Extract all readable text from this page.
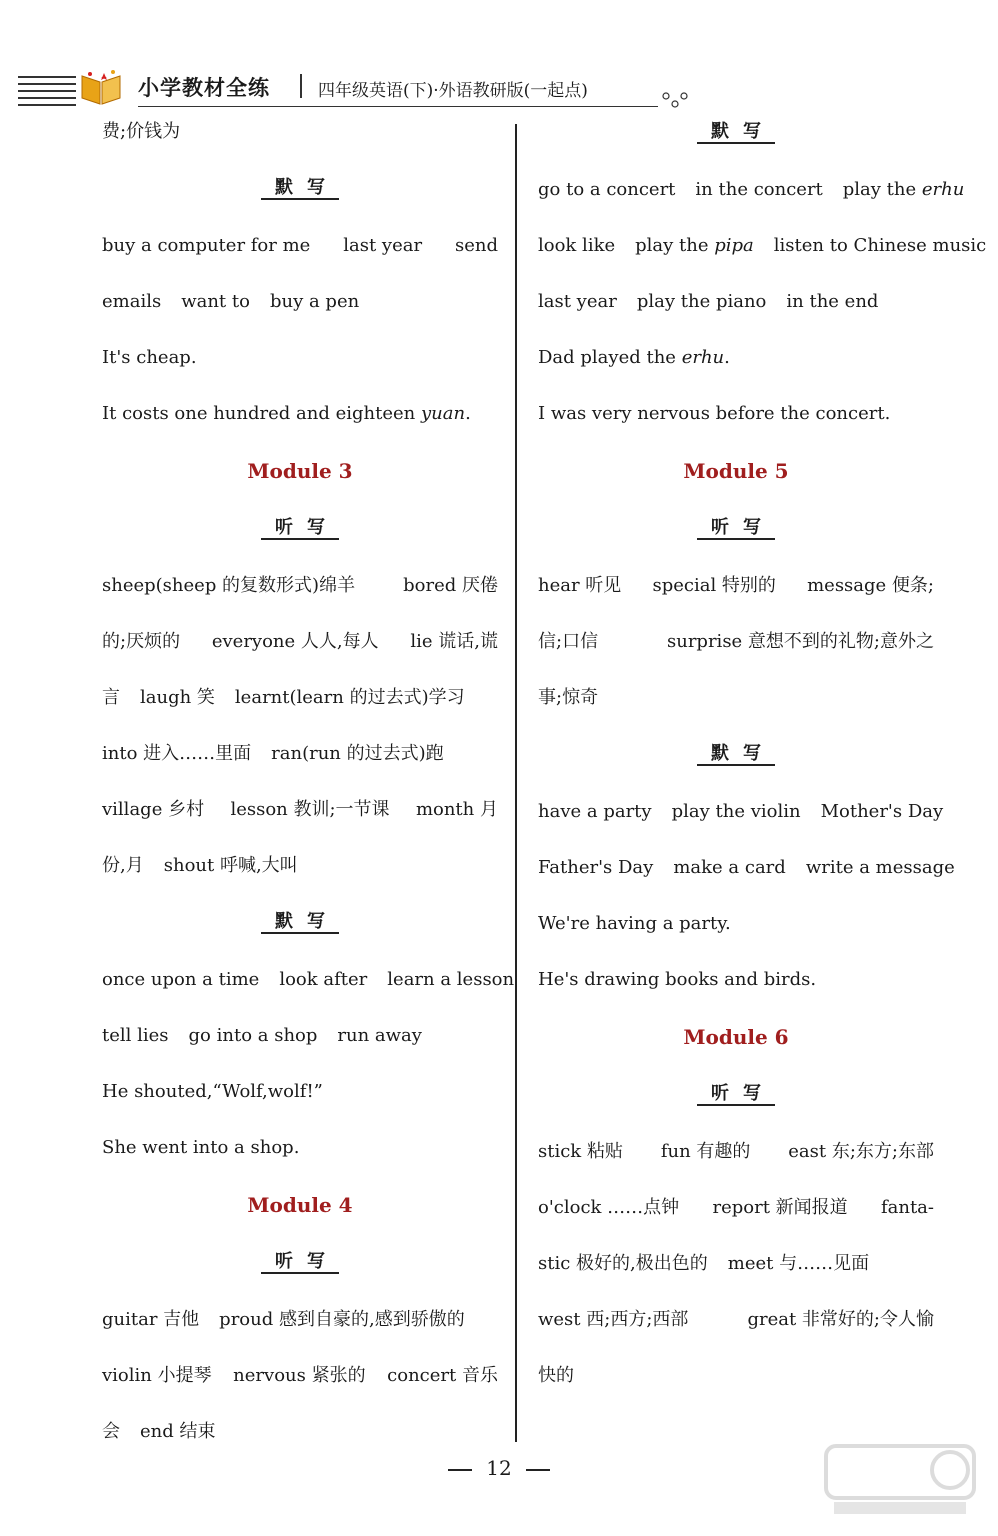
小学教材全练	四年级英语(下)·外语教研版(一起点)
费;价钱为
默写
buy a computer for me last year send
emails want to buy a pen
It's cheap.
It costs one hundred and eighteen yuan.
Module 3
听写
sheep(sheep 的复数形式)绵羊	bored 厌倦
的;厌烦的 everyone 人人,每人 lie 谎话,谎
言 laugh 笑 learnt(learn 的过去式)学习
into 进入……里面 ran(run 的过去式)跑
village 乡村 lesson 教训;一节课 month 月
份,月 shout 呼喊,大叫
默写
once upon a time look after learn a lesson
tell lies go into a shop run away
He shouted,“Wolf,wolf!”
She went into a shop.
Module 4
听写
guitar 吉他 proud 感到自豪的,感到骄傲的
violin 小提琴 nervous 紧张的 concert 音乐
会 end 结束
默写
go to a concert in the concert play the erhu
look like play the pipa listen to Chinese music
last year play the piano in the end
Dad played the erhu.
I was very nervous before the concert.
Module 5
听写
hear 听见 special 特别的 message 便条;
信;口信	surprise 意想不到的礼物;意外之
事;惊奇
默写
have a party play the violin Mother's Day
Father's Day make a card write a message
We're having a party.
He's drawing books and birds.
Module 6
听写
stick 粘贴 fun 有趣的 east 东;东方;东部
o'clock ……点钟 report 新闻报道 fanta-
stic 极好的,极出色的 meet 与……见面
west 西;西方;西部	great 非常好的;令人愉
快的
12
